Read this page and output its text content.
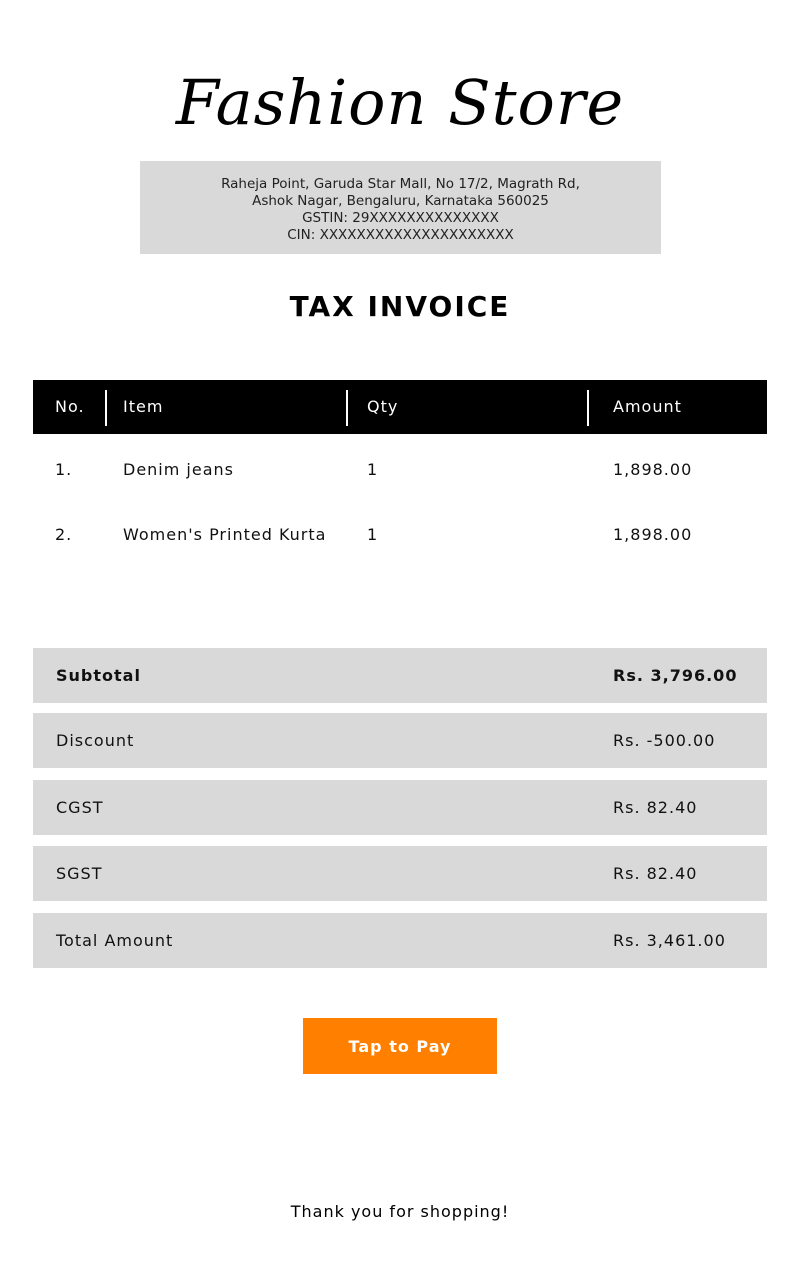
Fashion Store
Raheja Point, Garuda Star Mall, No 17/2, Magrath Rd,
Ashok Nagar, Bengaluru, Karnataka 560025
GSTIN: 29XXXXXXXXXXXXXX
CIN: XXXXXXXXXXXXXXXXXXXXX
TAX INVOICE
No. Item	Qty	Amount
1.	Denim jeans	1	1,898.00
2.	Women's Printed Kurta	1	1,898.00
Subtotal	Rs. 3,796.00
Discount	Rs. -500.00
CGST	Rs. 82.40
SGST	Rs. 82.40
Total Amount	Rs. 3,461.00
Tap to Pay
Thank you for shopping!
